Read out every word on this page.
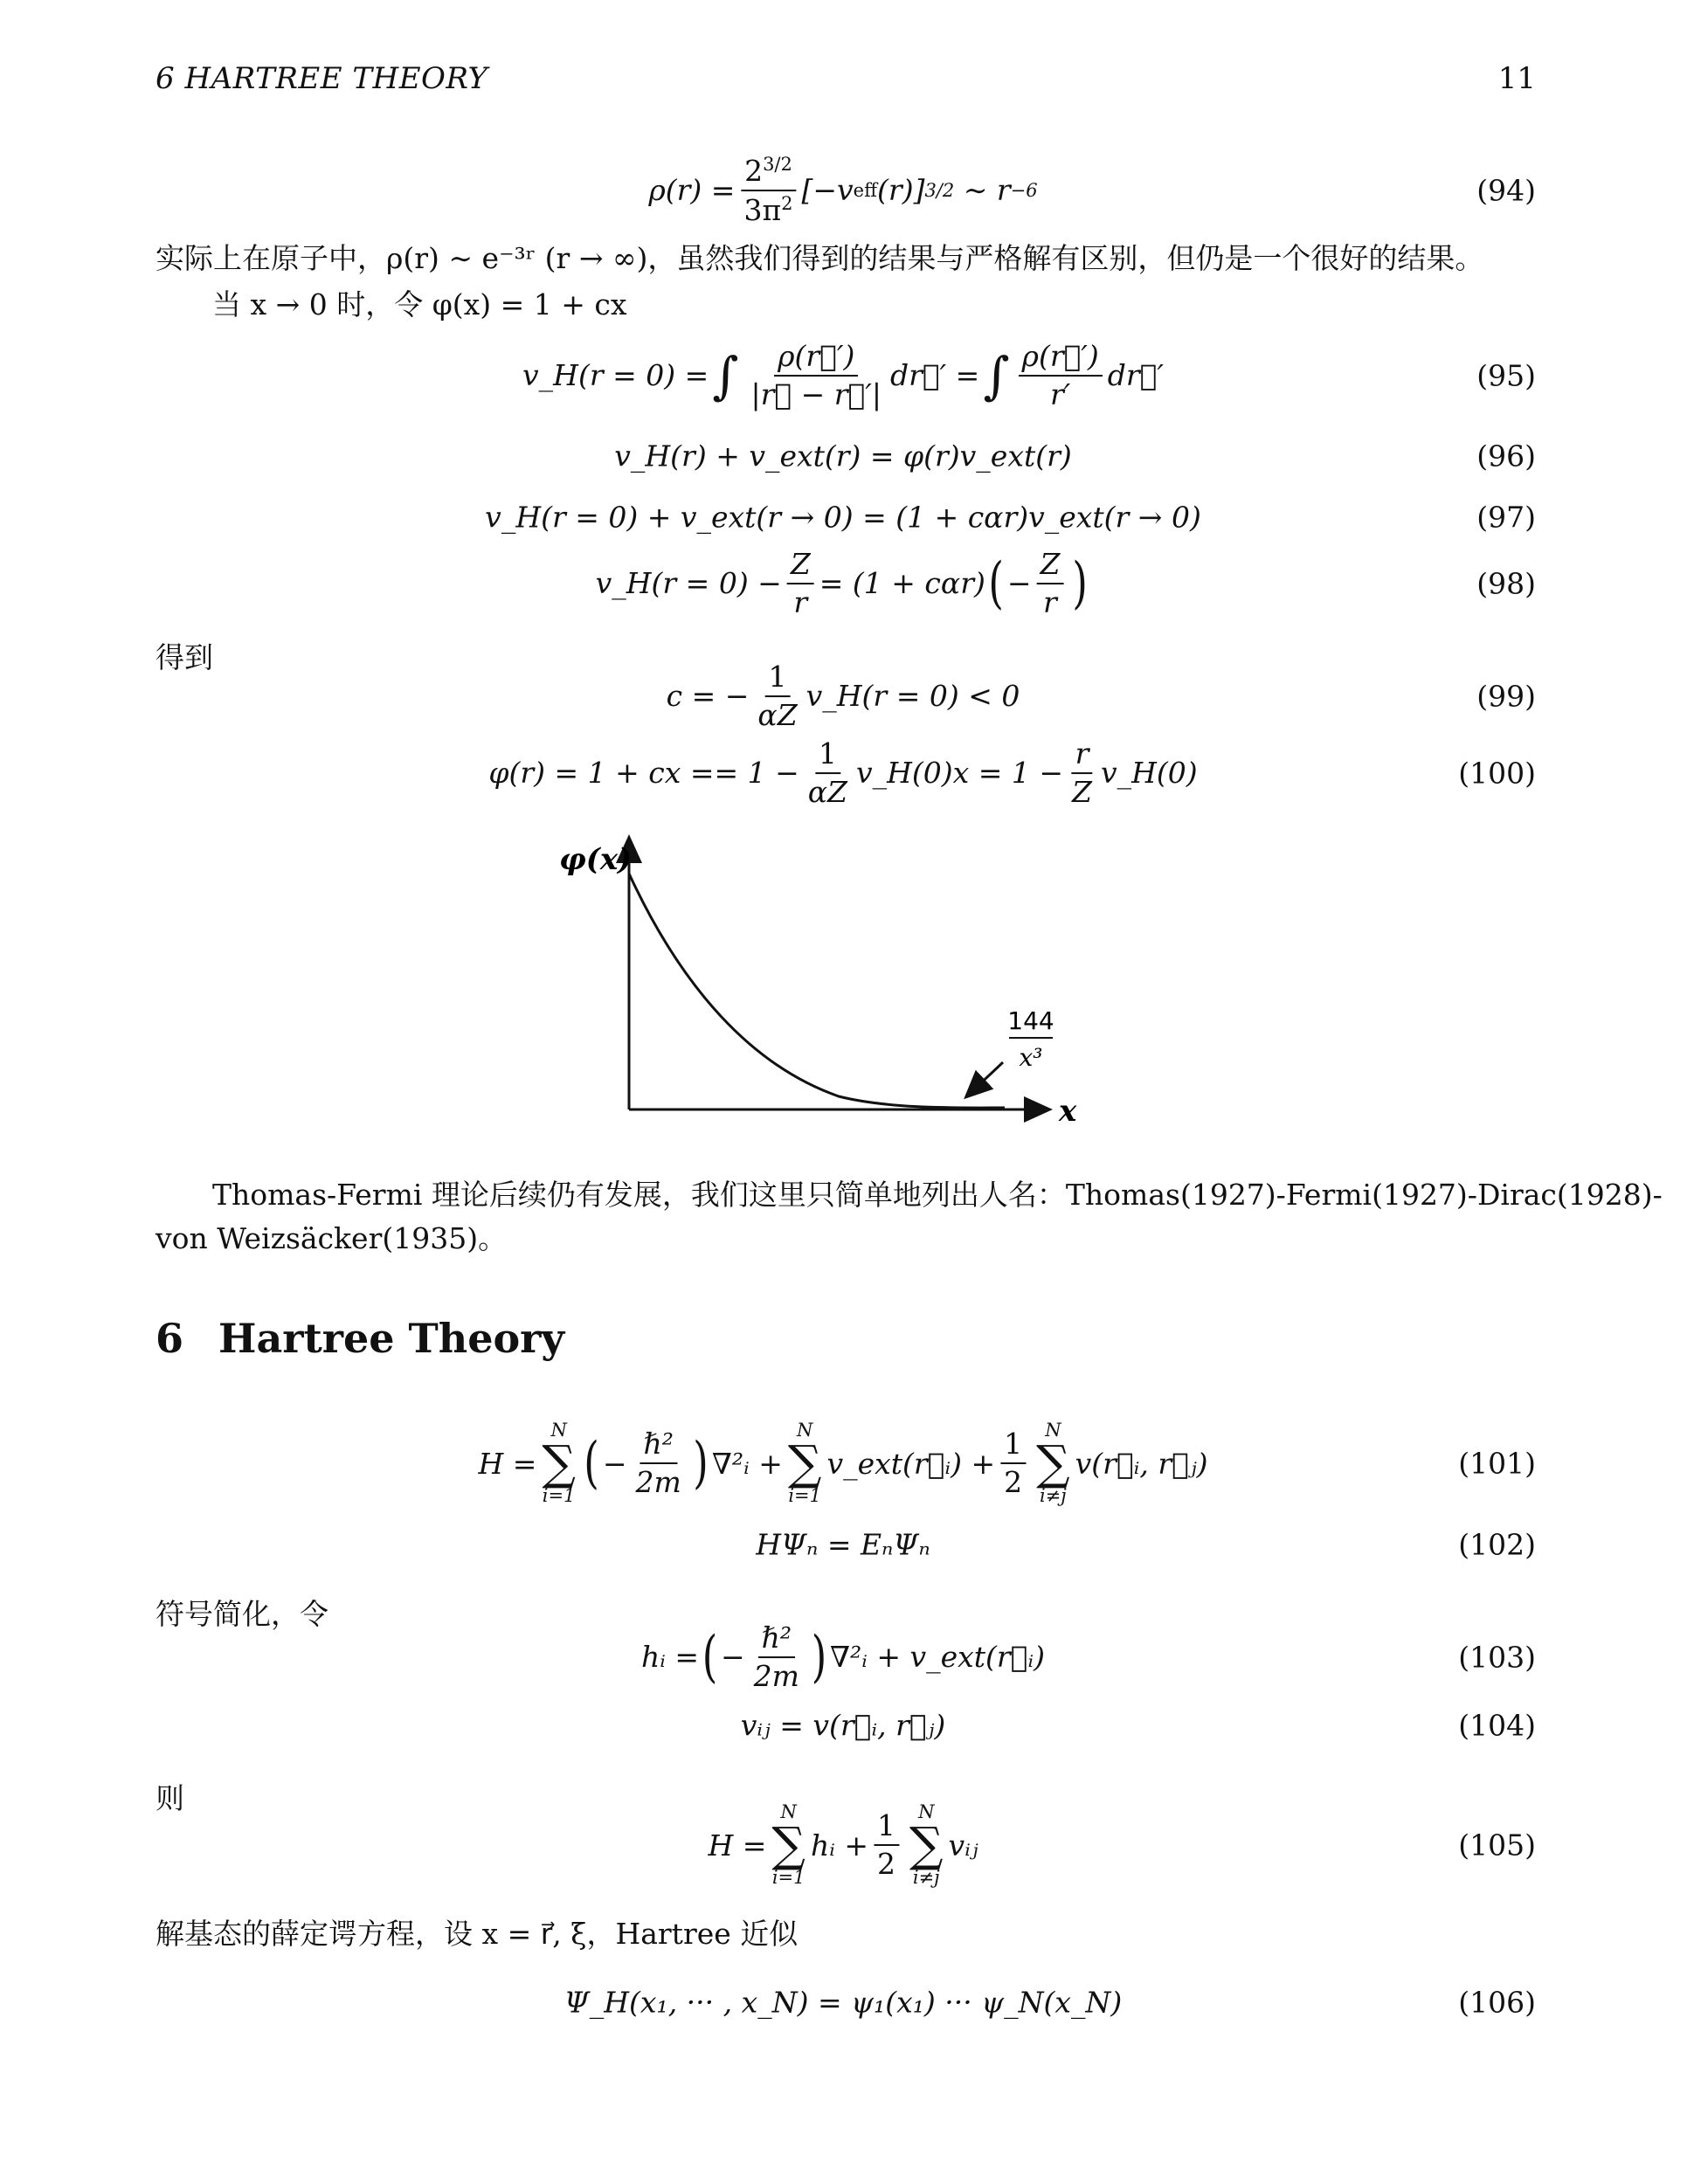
6 HARTREE THEORY	11
$\rho(r) = \frac{2^{3/2}}{3\pi^2} [-v$ eff (r)] 3/2
∼ r −6	(94)
实际上在原子中，ρ(r) ∼ e⁻³ʳ (r → ∞)，虽然我们得到的结果与严格解有区别，但仍是一个很好的结果。
当 x → 0 时，令 φ(x) = 1 + cx
v_H(r = 0) = ∫ $\frac{\rho(r⃗')}{|r⃗ - r⃗'|}$ dr⃗′ = ∫ $\frac{\rho(r⃗')}{r'}$ dr⃗′	(95)
v_H(r) + v_ext(r) = φ(r)v_ext(r)	(96)
v_H(r = 0) + v_ext(r → 0) = (1 + cαr)v_ext(r → 0)	(97)
v_H(r = $0) - \frac{Z}{r} = (1 + c\alpha r)$ ( − $\frac{Z}{r}$ )	(98)
得到
c = − $\frac{1}{\alpha Z}$ v_H(r = 0) < 0	(99)
φ(r) = 1 + cx == $1 - \frac{1}{\alpha Z}$ v_H(0)x = $1 - \frac{r}{Z}$ v_H(0)	(100)
φ(x)
x
144
x³
Thomas-Fermi 理论后续仍有发展，我们这里只简单地列出人名：Thomas(1927)-Fermi(1927)-Dirac(1928)-
von Weizsäcker(1935)。
6 Hartree Theory
H =
N
∑
i=1 ( − $\frac{\text{ℏ²}}{2m}$ ) ∇²ᵢ +
N
∑
i=1
v_ext(r⃗ᵢ) + $\frac{1}{2}$ N
∑
i≠j
v(r⃗ᵢ, r⃗ⱼ)	(101)
HΨₙ = EₙΨₙ	(102)
符号简化，令
hᵢ = ( − $\frac{\text{ℏ²}}{2m}$ ) ∇²ᵢ + v_ext(r⃗ᵢ)	(103)
vᵢⱼ = v(r⃗ᵢ, r⃗ⱼ)	(104)
则
H =
N
∑
i=1
hᵢ + $\frac{1}{2}$ N
∑
i≠j
vᵢⱼ	(105)
解基态的薛定谔方程，设 x = r⃗, ξ，Hartree 近似
Ψ_H(x₁, ··· , x_N) = ψ₁(x₁) ··· ψ_N(x_N)	(106)
